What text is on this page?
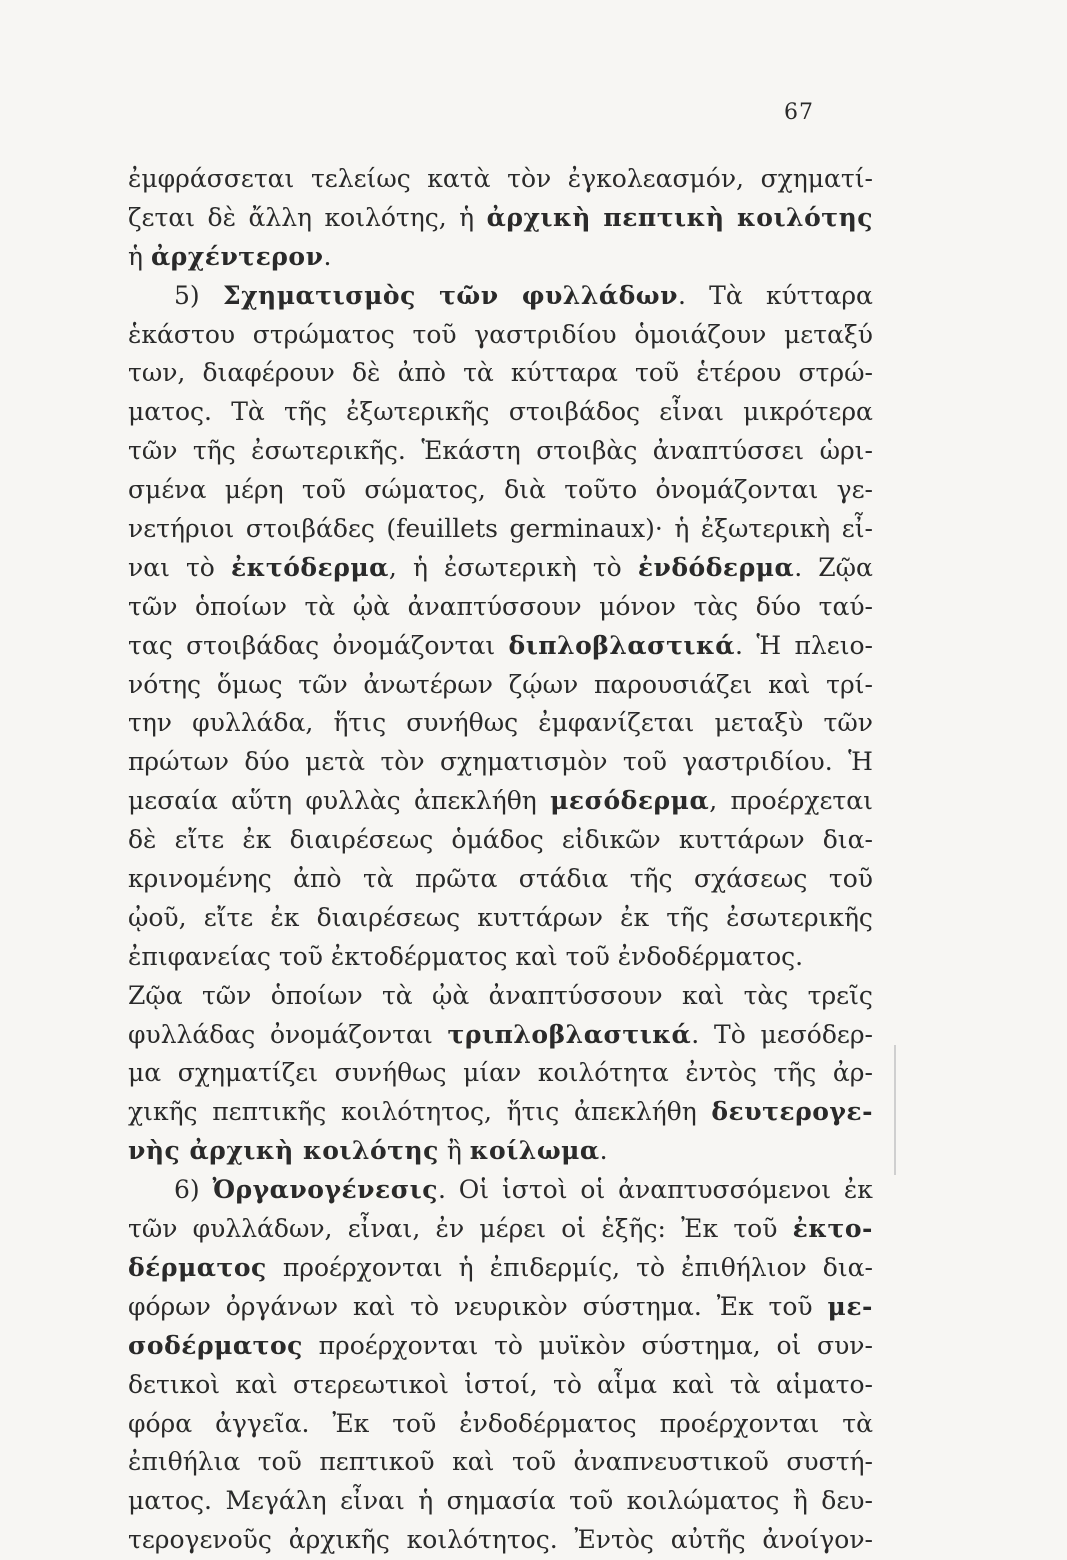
67
ἐμφράσσεται τελείως κατὰ τὸν ἐγκολεασμόν, σχηματί-
ζεται δὲ ἄλλη κοιλότης, ἡ ἀρχικὴ πεπτικὴ κοιλότης
ἡ ἀρχέντερον.
5) Σχηματισμὸς τῶν φυλλάδων. Τὰ κύτταρα
ἑκάστου στρώματος τοῦ γαστριδίου ὁμοιάζουν μεταξύ
των, διαφέρουν δὲ ἀπὸ τὰ κύτταρα τοῦ ἑτέρου στρώ-
ματος. Τὰ τῆς ἐξωτερικῆς στοιβάδος εἶναι μικρότερα
τῶν τῆς ἐσωτερικῆς. Ἑκάστη στοιβὰς ἀναπτύσσει ὡρι-
σμένα μέρη τοῦ σώματος, διὰ τοῦτο ὀνομάζονται γε-
νετήριοι στοιβάδες (feuillets germinaux)· ἡ ἐξωτερικὴ εἶ-
ναι τὸ ἐκτόδερμα, ἡ ἐσωτερικὴ τὸ ἐνδόδερμα. Ζῷα
τῶν ὁποίων τὰ ᾠὰ ἀναπτύσσουν μόνον τὰς δύο ταύ-
τας στοιβάδας ὀνομάζονται διπλοβλαστικά. Ἡ πλειο-
νότης ὅμως τῶν ἀνωτέρων ζῴων παρουσιάζει καὶ τρί-
την φυλλάδα, ἥτις συνήθως ἐμφανίζεται μεταξὺ τῶν
πρώτων δύο μετὰ τὸν σχηματισμὸν τοῦ γαστριδίου. Ἡ
μεσαία αὕτη φυλλὰς ἀπεκλήθη μεσόδερμα, προέρχεται
δὲ εἴτε ἐκ διαιρέσεως ὁμάδος εἰδικῶν κυττάρων δια-
κρινομένης ἀπὸ τὰ πρῶτα στάδια τῆς σχάσεως τοῦ
ᾠοῦ, εἴτε ἐκ διαιρέσεως κυττάρων ἐκ τῆς ἐσωτερικῆς
ἐπιφανείας τοῦ ἐκτοδέρματος καὶ τοῦ ἐνδοδέρματος.
Ζῷα τῶν ὁποίων τὰ ᾠὰ ἀναπτύσσουν καὶ τὰς τρεῖς
φυλλάδας ὀνομάζονται τριπλοβλαστικά. Τὸ μεσόδερ-
μα σχηματίζει συνήθως μίαν κοιλότητα ἐντὸς τῆς ἀρ-
χικῆς πεπτικῆς κοιλότητος, ἥτις ἀπεκλήθη δευτερογε-
νὴς ἀρχικὴ κοιλότης ἢ κοίλωμα.
6) Ὀργανογένεσις. Οἱ ἱστοὶ οἱ ἀναπτυσσόμενοι ἐκ
τῶν φυλλάδων, εἶναι, ἐν μέρει οἱ ἑξῆς: Ἐκ τοῦ ἐκτο-
δέρματος προέρχονται ἡ ἐπιδερμίς, τὸ ἐπιθήλιον δια-
φόρων ὀργάνων καὶ τὸ νευρικὸν σύστημα. Ἐκ τοῦ με-
σοδέρματος προέρχονται τὸ μυϊκὸν σύστημα, οἱ συν-
δετικοὶ καὶ στερεωτικοὶ ἱστοί, τὸ αἷμα καὶ τὰ αἱματο-
φόρα ἀγγεῖα. Ἐκ τοῦ ἐνδοδέρματος προέρχονται τὰ
ἐπιθήλια τοῦ πεπτικοῦ καὶ τοῦ ἀναπνευστικοῦ συστή-
ματος. Μεγάλη εἶναι ἡ σημασία τοῦ κοιλώματος ἢ δευ-
τερογενοῦς ἀρχικῆς κοιλότητος. Ἐντὸς αὐτῆς ἀνοίγον-
